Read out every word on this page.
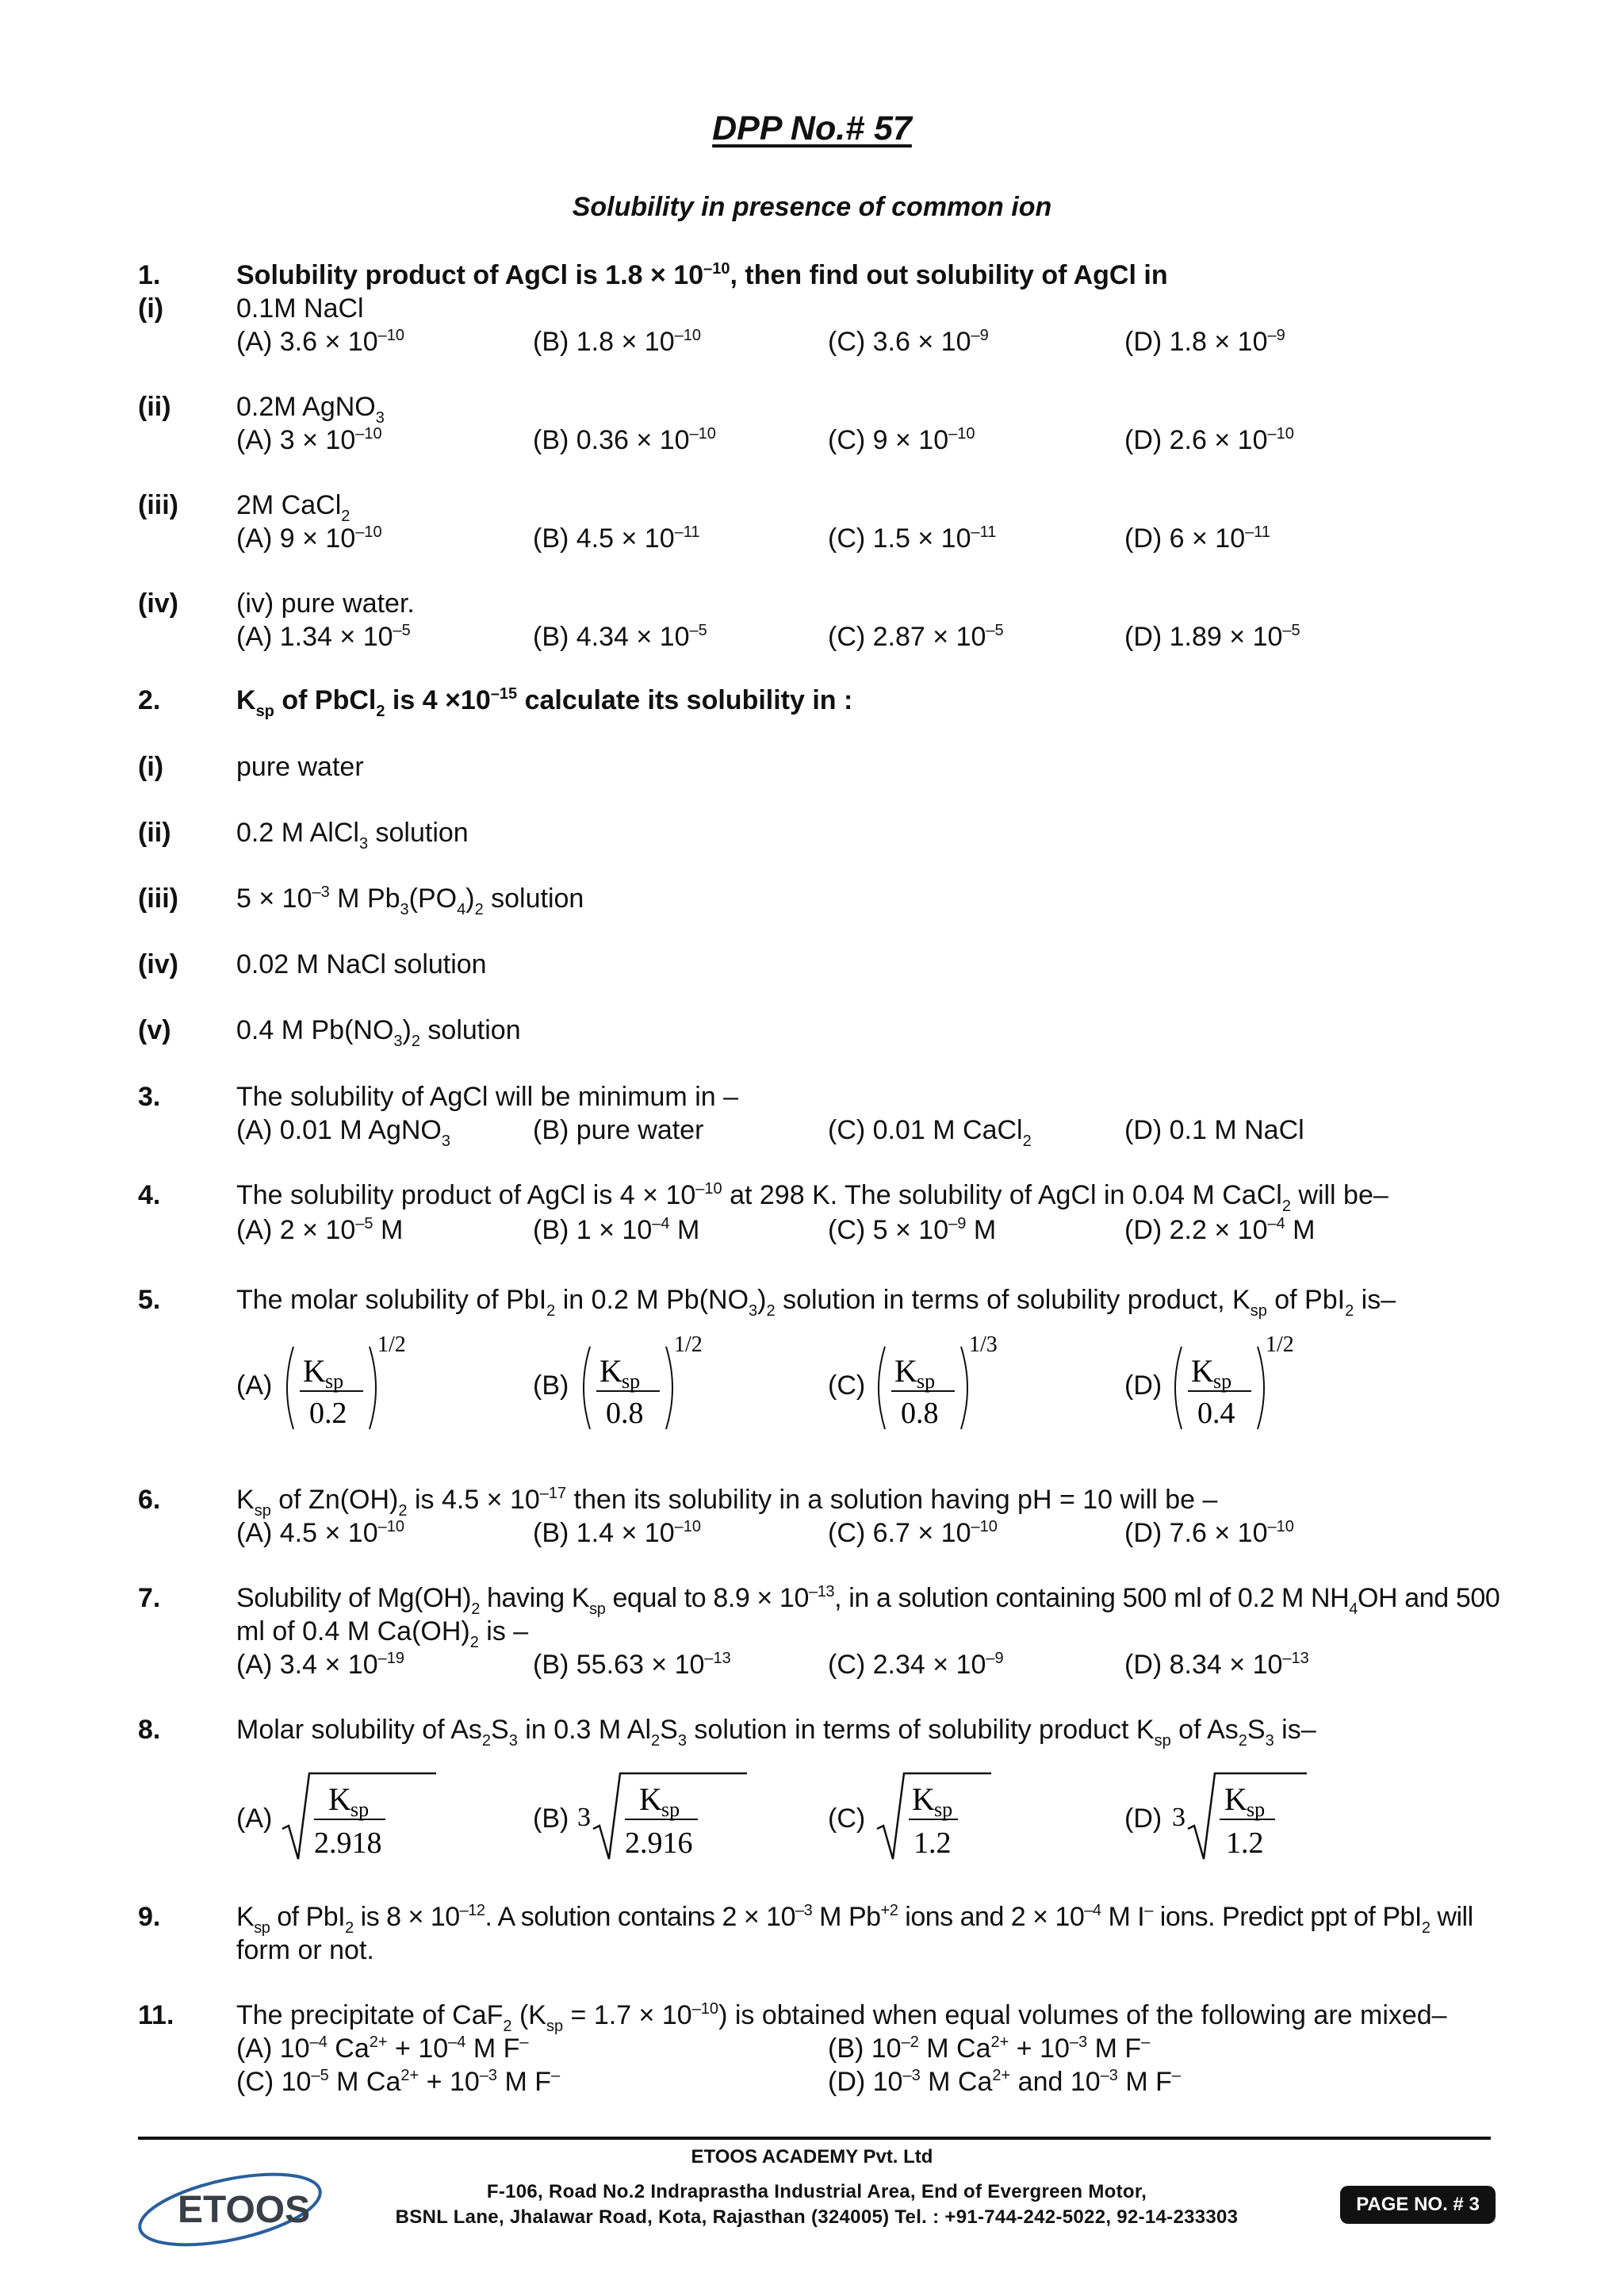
DPP No.# 57
Solubility in presence of common ion
1.	Solubility product of AgCl is $1.8 \times 10^{-10}$, then find out solubility of AgCl in
(i)	0.1M NaCl
(A) $3.6 \times 10^{-10}$	(B) $1.8 \times 10^{-10}$	(C) $3.6 \times 10^{-9}$	(D) $1.8 \times 10^{-9}$
(ii) 0.2M AgNO$_3$
(A) $3 \times 10^{-10}$	(B) $0.36 \times 10^{-10}$	(C) $9 \times 10^{-10}$	(D) $2.6 \times 10^{-10}$
(iii) 2M CaCl$_2$
(A) $9 \times 10^{-10}$	(B) $4.5 \times 10^{-11}$	(C) $1.5 \times 10^{-11}$	(D) $6 \times 10^{-11}$
(iv) (iv) pure water.
(A) $1.34 \times 10^{-5}$	(B) $4.34 \times 10^{-5}$	(C) $2.87 \times 10^{-5}$	(D) $1.89 \times 10^{-5}$
2.	$K_{sp}$ of PbCl$_2$ is $4 \times 10^{-15}$ calculate its solubility in :
(i)	pure water
(ii) 0.2 M AlCl$_3$ solution
(iii) $5 \times 10^{-3}$ M $Pb_3(PO_4)_2$ solution
(iv) 0.02 M NaCl solution
(v) 0.4 M $Pb(NO_3)_2$ solution
3.	The solubility of AgCl will be minimum in –
(A) 0.01 M AgNO$_3$	(B) pure water	(C) 0.01 M CaCl$_2$	(D) 0.1 M NaCl
4.	The solubility product of AgCl is $4 \times 10^{-10}$ at 298 K. The solubility of AgCl in 0.04 M CaCl$_2$ will be–
(A) $2 \times 10^{-5}$ M	(B) $1 \times 10^{-4}$ M	(C) $5 \times 10^{-9}$ M	(D) $2.2 \times 10^{-4}$ M
5.	The molar solubility of PbI$_2$ in 0.2 M $Pb(NO_3)_2$ solution in terms of solubility product, $K_{sp}$ of PbI$_2$ is–
(A) K sp
0.2
1/2
(B) K sp
0.8
1/2
(C) K sp
0.8
1/3
(D) K sp
0.4
1/2
6.	$K_{sp}$ of $Zn(OH)_2$ is $4.5 \times 10^{-17}$ then its solubility in a solution having pH = 10 will be –
(A) $4.5 \times 10^{-10}$	(B) $1.4 \times 10^{-10}$	(C) $6.7 \times 10^{-10}$	(D) $7.6 \times 10^{-10}$
7.	Solubility of $Mg(OH)_2$ having $K_{sp}$ equal to $8.9 \times 10^{-13}$, in a solution containing 500 ml of 0.2 M $NH_4OH$ and 500
ml of 0.4 M $Ca(OH)_2$ is –
(A) $3.4 \times 10^{-19}$	(B) $55.63 \times 10^{-13}$	(C) $2.34 \times 10^{-9}$	(D) $8.34 \times 10^{-13}$
8.	Molar solubility of $As_2S_3$ in 0.3 M $Al_2S_3$ solution in terms of solubility product $K_{sp}$ of $As_2S_3$ is–
(A)
K sp
2.918
(B) 3
K sp
2.916
(C)
K sp
1.2
(D) 3
K sp
1.2
9.	$K_{sp}$ of PbI$_2$ is $8 \times 10^{-12}$. A solution contains $2 \times 10^{-3}$ M $Pb^{+2}$ ions and $2 \times 10^{-4}$ M I– ions. Predict ppt of PbI$_2$ will
form or not.
11. The precipitate of CaF$_2$ $(K_{sp} = 1.7 \times 10^{-10})$ is obtained when equal volumes of the following are mixed–
(A) $10^{-4}$ $Ca^{2+} + 10^{-4}$ M F–	(B) $10^{-2}$ M $Ca^{2+} + 10^{-3}$ M F–
(C) $10^{-5}$ M $Ca^{2+} + 10^{-3}$ M F–	(D) $10^{-3}$ M $Ca^{2+}$ and $10^{-3}$ M F–
ETOOS
ETOOS ACADEMY Pvt. Ltd
F-106, Road No.2 Indraprastha Industrial Area, End of Evergreen Motor,
BSNL Lane, Jhalawar Road, Kota, Rajasthan (324005) Tel. : +91-744-242-5022, 92-14-233303
PAGE NO. # 3
